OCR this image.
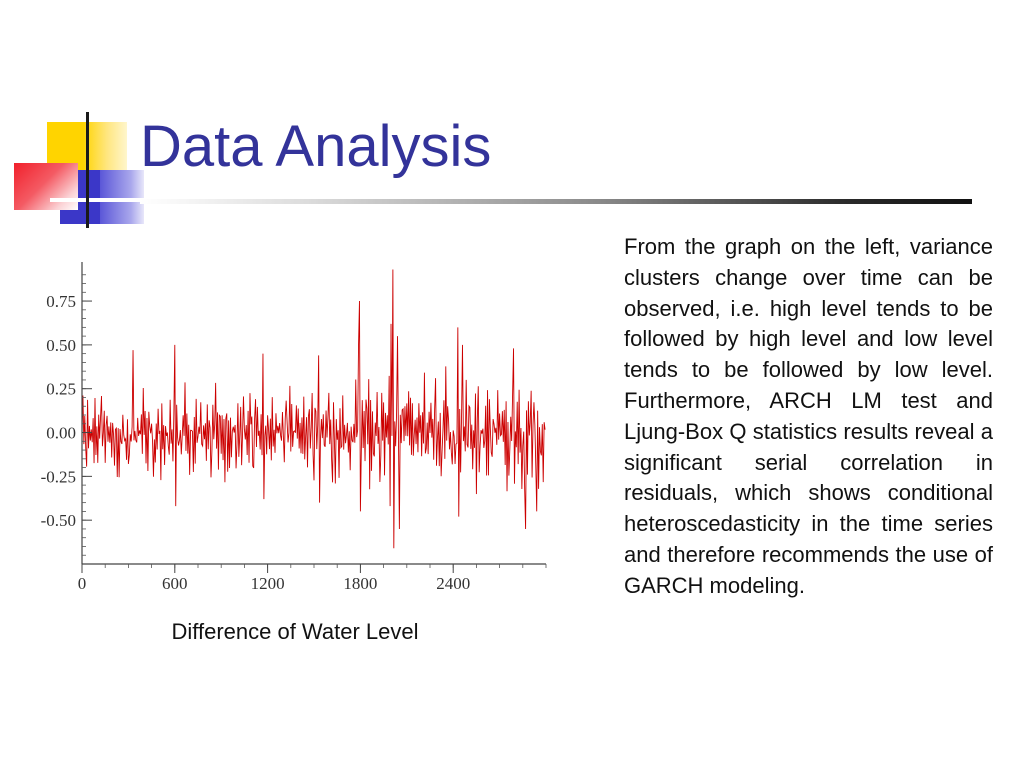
Data Analysis
-0.50
-0.25
0.00
0.25
0.50
0.75
0	600	1200	1800	2400
Difference of Water Level

From the graph on the left, variance clusters change over time can be observed, i.e. high level tends to be followed by high level and low level tends to be followed by low level. Furthermore, ARCH LM test and Ljung-Box Q statistics results reveal a significant serial correlation in residuals, which shows conditional heteroscedasticity in the time series and therefore recommends the use of GARCH modeling.
